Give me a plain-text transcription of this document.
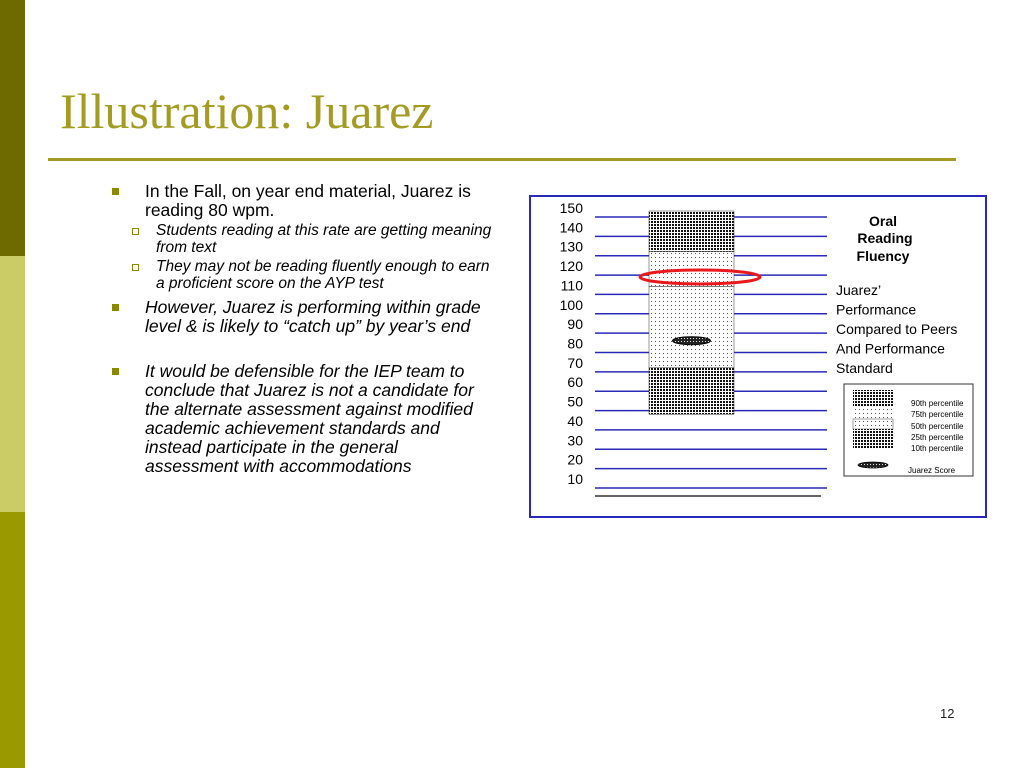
Illustration: Juarez
In the Fall, on year end material, Juarez is reading 80 wpm.
Students reading at this rate are getting meaning from text
They may not be reading fluently enough to earn a proficient score on the AYP test
However, Juarez is performing within grade level & is likely to “catch up” by year’s end
It would be defensible for the IEP team to conclude that Juarez is not a candidate for the alternate assessment against modified academic achievement standards and instead participate in the general assessment with accommodations
150
140
130
120
110
100
90
80
70
60
50
40
30
20
10
Oral
Reading
Fluency
Juarez’
Performance
Compared to Peers
And Performance
Standard
90th percentile
75th percentile
50th percentile
25th percentile
10th percentile
Juarez Score
12
